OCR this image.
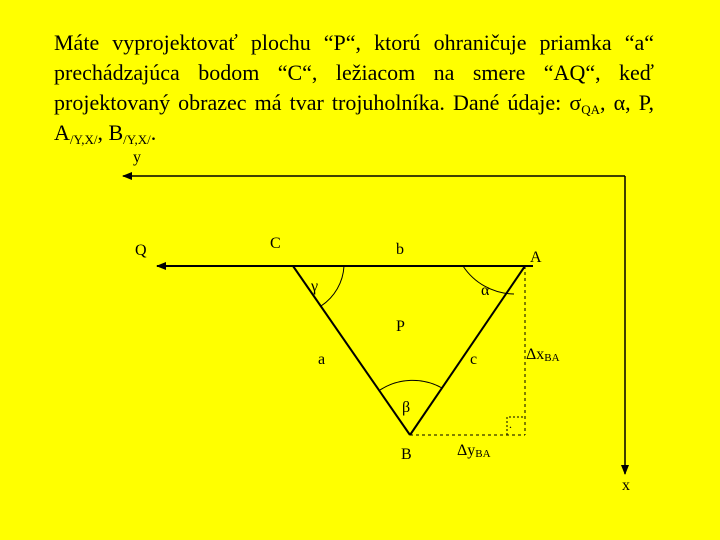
Máte vyprojektovať plochu “P“, ktorú ohraničuje priamka “a“ prechádzajúca bodom “C“, ležiacom na smere “AQ“, keď projektovaný obrazec má tvar trojuholníka. Dané údaje: $\sigma_{QA}$, α, P, $A_{/Y,X/}$, $B_{/Y,X/}$.
.
y
x
Q	C
A
B
b
a	c
γ	α
β
P
ΔxBA
ΔyBA
